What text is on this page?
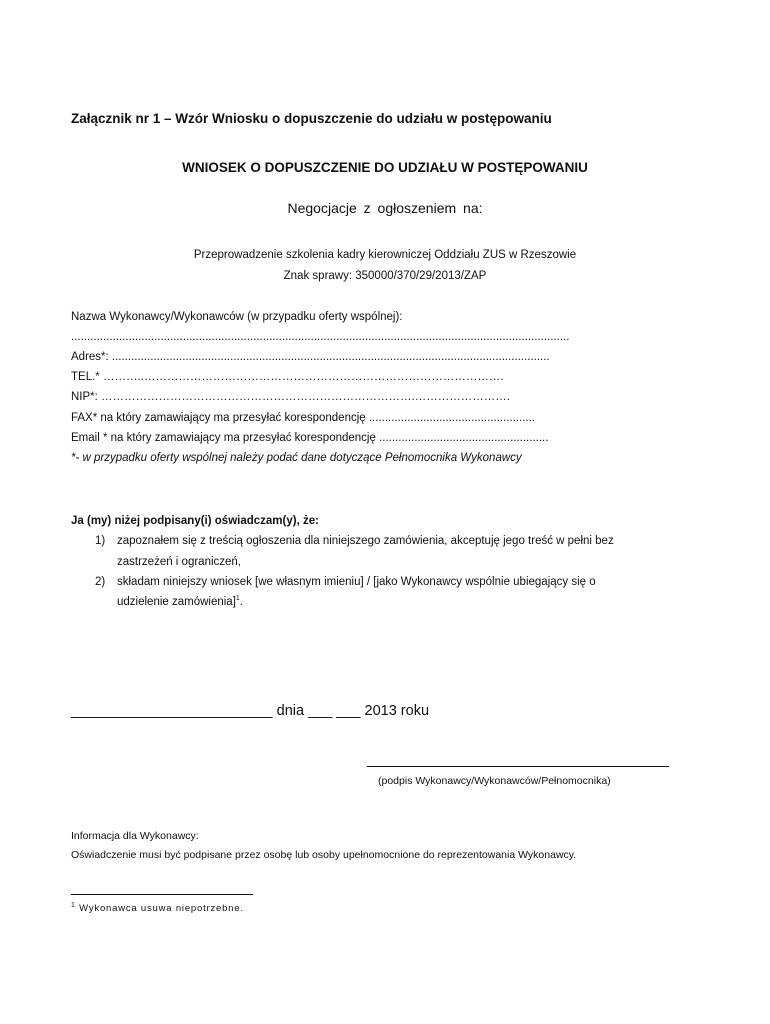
Załącznik nr 1 – Wzór Wniosku o dopuszczenie do udziału w postępowaniu
WNIOSEK O DOPUSZCZENIE DO UDZIAŁU W POSTĘPOWANIU
Negocjacje z ogłoszeniem na:
Przeprowadzenie szkolenia kadry kierowniczej Oddziału ZUS w Rzeszowie
Znak sprawy: 350000/370/29/2013/ZAP
Nazwa Wykonawcy/Wykonawców (w przypadku oferty wspólnej):
............................................................................................................................................................
Adres*: .........................................................................................................................................
TEL.* ………..………………………………………………………………………………….
NIP*: ……………………………………………………………………….…………………….
FAX* na który zamawiający ma przesyłać korespondencję ....................................................
Email * na który zamawiający ma przesyłać korespondencję .....................................................
*- w przypadku oferty wspólnej należy podać dane dotyczące Pełnomocnika Wykonawcy
Ja (my) niżej podpisany(i) oświadczam(y), że:
1) zapoznałem się z treścią ogłoszenia dla niniejszego zamówienia, akceptuję jego treść w pełni bez
zastrzeżeń i ograniczeń,
2) składam niniejszy wniosek [we własnym imieniu] / [jako Wykonawcy wspólnie ubiegający się o
udzielenie zamówienia]$^1$.
_________________________ dnia ___ ___ 2013 roku
(podpis Wykonawcy/Wykonawców/Pełnomocnika)
Informacja dla Wykonawcy:
Oświadczenie musi być podpisane przez osobę lub osoby upełnomocnione do reprezentowania Wykonawcy.
$^1$ Wykonawca usuwa niepotrzebne.
